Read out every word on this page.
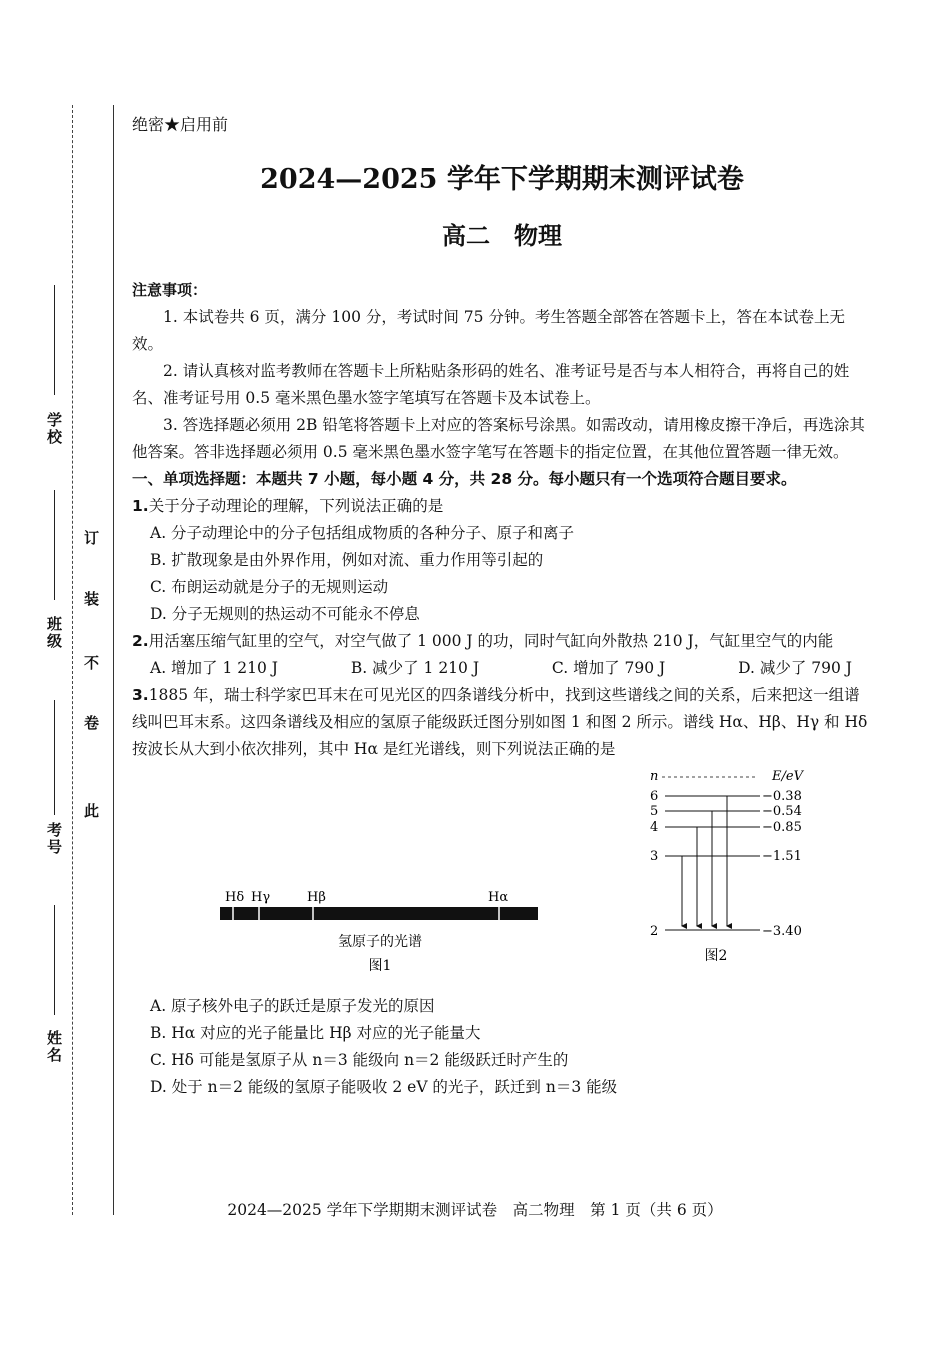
学校
班级
考号
姓名
此
卷
不
装
订
绝密★启用前
2024—2025 学年下学期期末测评试卷
高二　物理
注意事项：

1. 本试卷共 6 页，满分 100 分，考试时间 75 分钟。考生答题全部答在答题卡上，答在本试卷上无效。

2. 请认真核对监考教师在答题卡上所粘贴条形码的姓名、准考证号是否与本人相符合，再将自己的姓名、准考证号用 0.5 毫米黑色墨水签字笔填写在答题卡及本试卷上。

3. 答选择题必须用 2B 铅笔将答题卡上对应的答案标号涂黑。如需改动，请用橡皮擦干净后，再选涂其他答案。答非选择题必须用 0.5 毫米黑色墨水签字笔写在答题卡的指定位置，在其他位置答题一律无效。

一、单项选择题：本题共 7 小题，每小题 4 分，共 28 分。每小题只有一个选项符合题目要求。
1.关于分子动理论的理解，下列说法正确的是
A. 分子动理论中的分子包括组成物质的各种分子、原子和离子
B. 扩散现象是由外界作用，例如对流、重力作用等引起的
C. 布朗运动就是分子的无规则运动
D. 分子无规则的热运动不可能永不停息
2.用活塞压缩气缸里的空气，对空气做了 1 000 J 的功，同时气缸向外散热 210 J，气缸里空气的内能
A. 增加了 1 210 J	B. 减少了 1 210 J	C. 增加了 790 J	D. 减少了 790 J
3.1885 年，瑞士科学家巴耳末在可见光区的四条谱线分析中，找到这些谱线之间的关系，后来把这一组谱线叫巴耳末系。这四条谱线及相应的氢原子能级跃迁图分别如图 1 和图 2 所示。谱线 Hα、Hβ、Hγ 和 Hδ 按波长从大到小依次排列，其中 Hα 是红光谱线，则下列说法正确的是
Hδ Hγ	Hβ	Hα
氢原子的光谱
图1
n	E/eV
6	−0.38
5	−0.54
4	−0.85
3	−1.51
2	−3.40
图2
A. 原子核外电子的跃迁是原子发光的原因
B. Hα 对应的光子能量比 Hβ 对应的光子能量大
C. Hδ 可能是氢原子从 n＝3 能级向 n＝2 能级跃迁时产生的
D. 处于 n＝2 能级的氢原子能吸收 2 eV 的光子，跃迁到 n＝3 能级
2024—2025 学年下学期期末测评试卷　高二物理　第 1 页（共 6 页）
